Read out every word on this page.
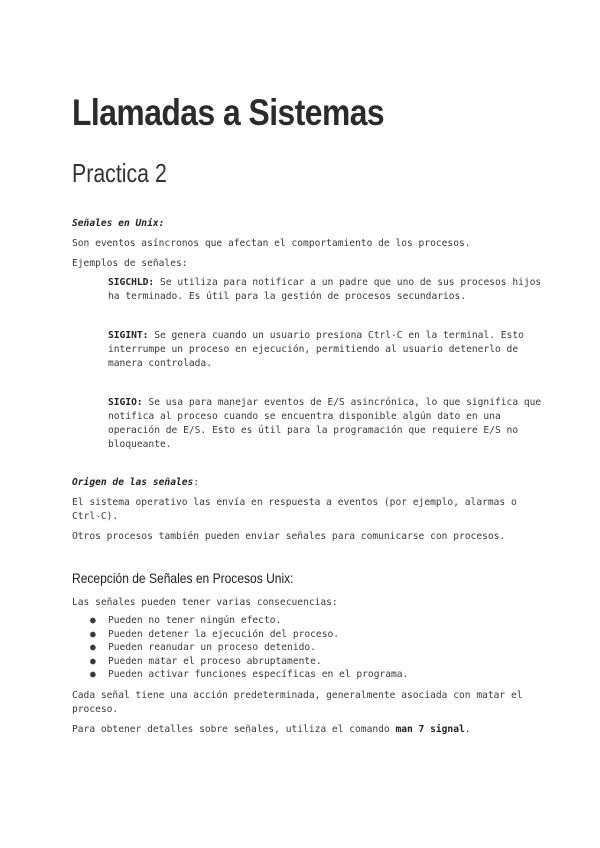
Llamadas a Sistemas
Practica 2

Señales en Unix:

Son eventos asíncronos que afectan el comportamiento de los procesos.

Ejemplos de señales:

SIGCHLD: Se utiliza para notificar a un padre que uno de sus procesos hijos

ha terminado. Es útil para la gestión de procesos secundarios.

SIGINT: Se genera cuando un usuario presiona Ctrl-C en la terminal. Esto

interrumpe un proceso en ejecución, permitiendo al usuario detenerlo de

manera controlada.

SIGIO: Se usa para manejar eventos de E/S asincrónica, lo que significa que

notifica al proceso cuando se encuentra disponible algún dato en una

operación de E/S. Esto es útil para la programación que requiere E/S no

bloqueante.

Origen de las señales:

El sistema operativo las envía en respuesta a eventos (por ejemplo, alarmas o

Ctrl-C).

Otros procesos también pueden enviar señales para comunicarse con procesos.

Recepción de Señales en Procesos Unix:

Las señales pueden tener varias consecuencias:

● Pueden no tener ningún efecto.
● Pueden detener la ejecución del proceso.
● Pueden reanudar un proceso detenido.
● Pueden matar el proceso abruptamente.
● Pueden activar funciones específicas en el programa.

Cada señal tiene una acción predeterminada, generalmente asociada con matar el

proceso.

Para obtener detalles sobre señales, utiliza el comando man 7 signal.
